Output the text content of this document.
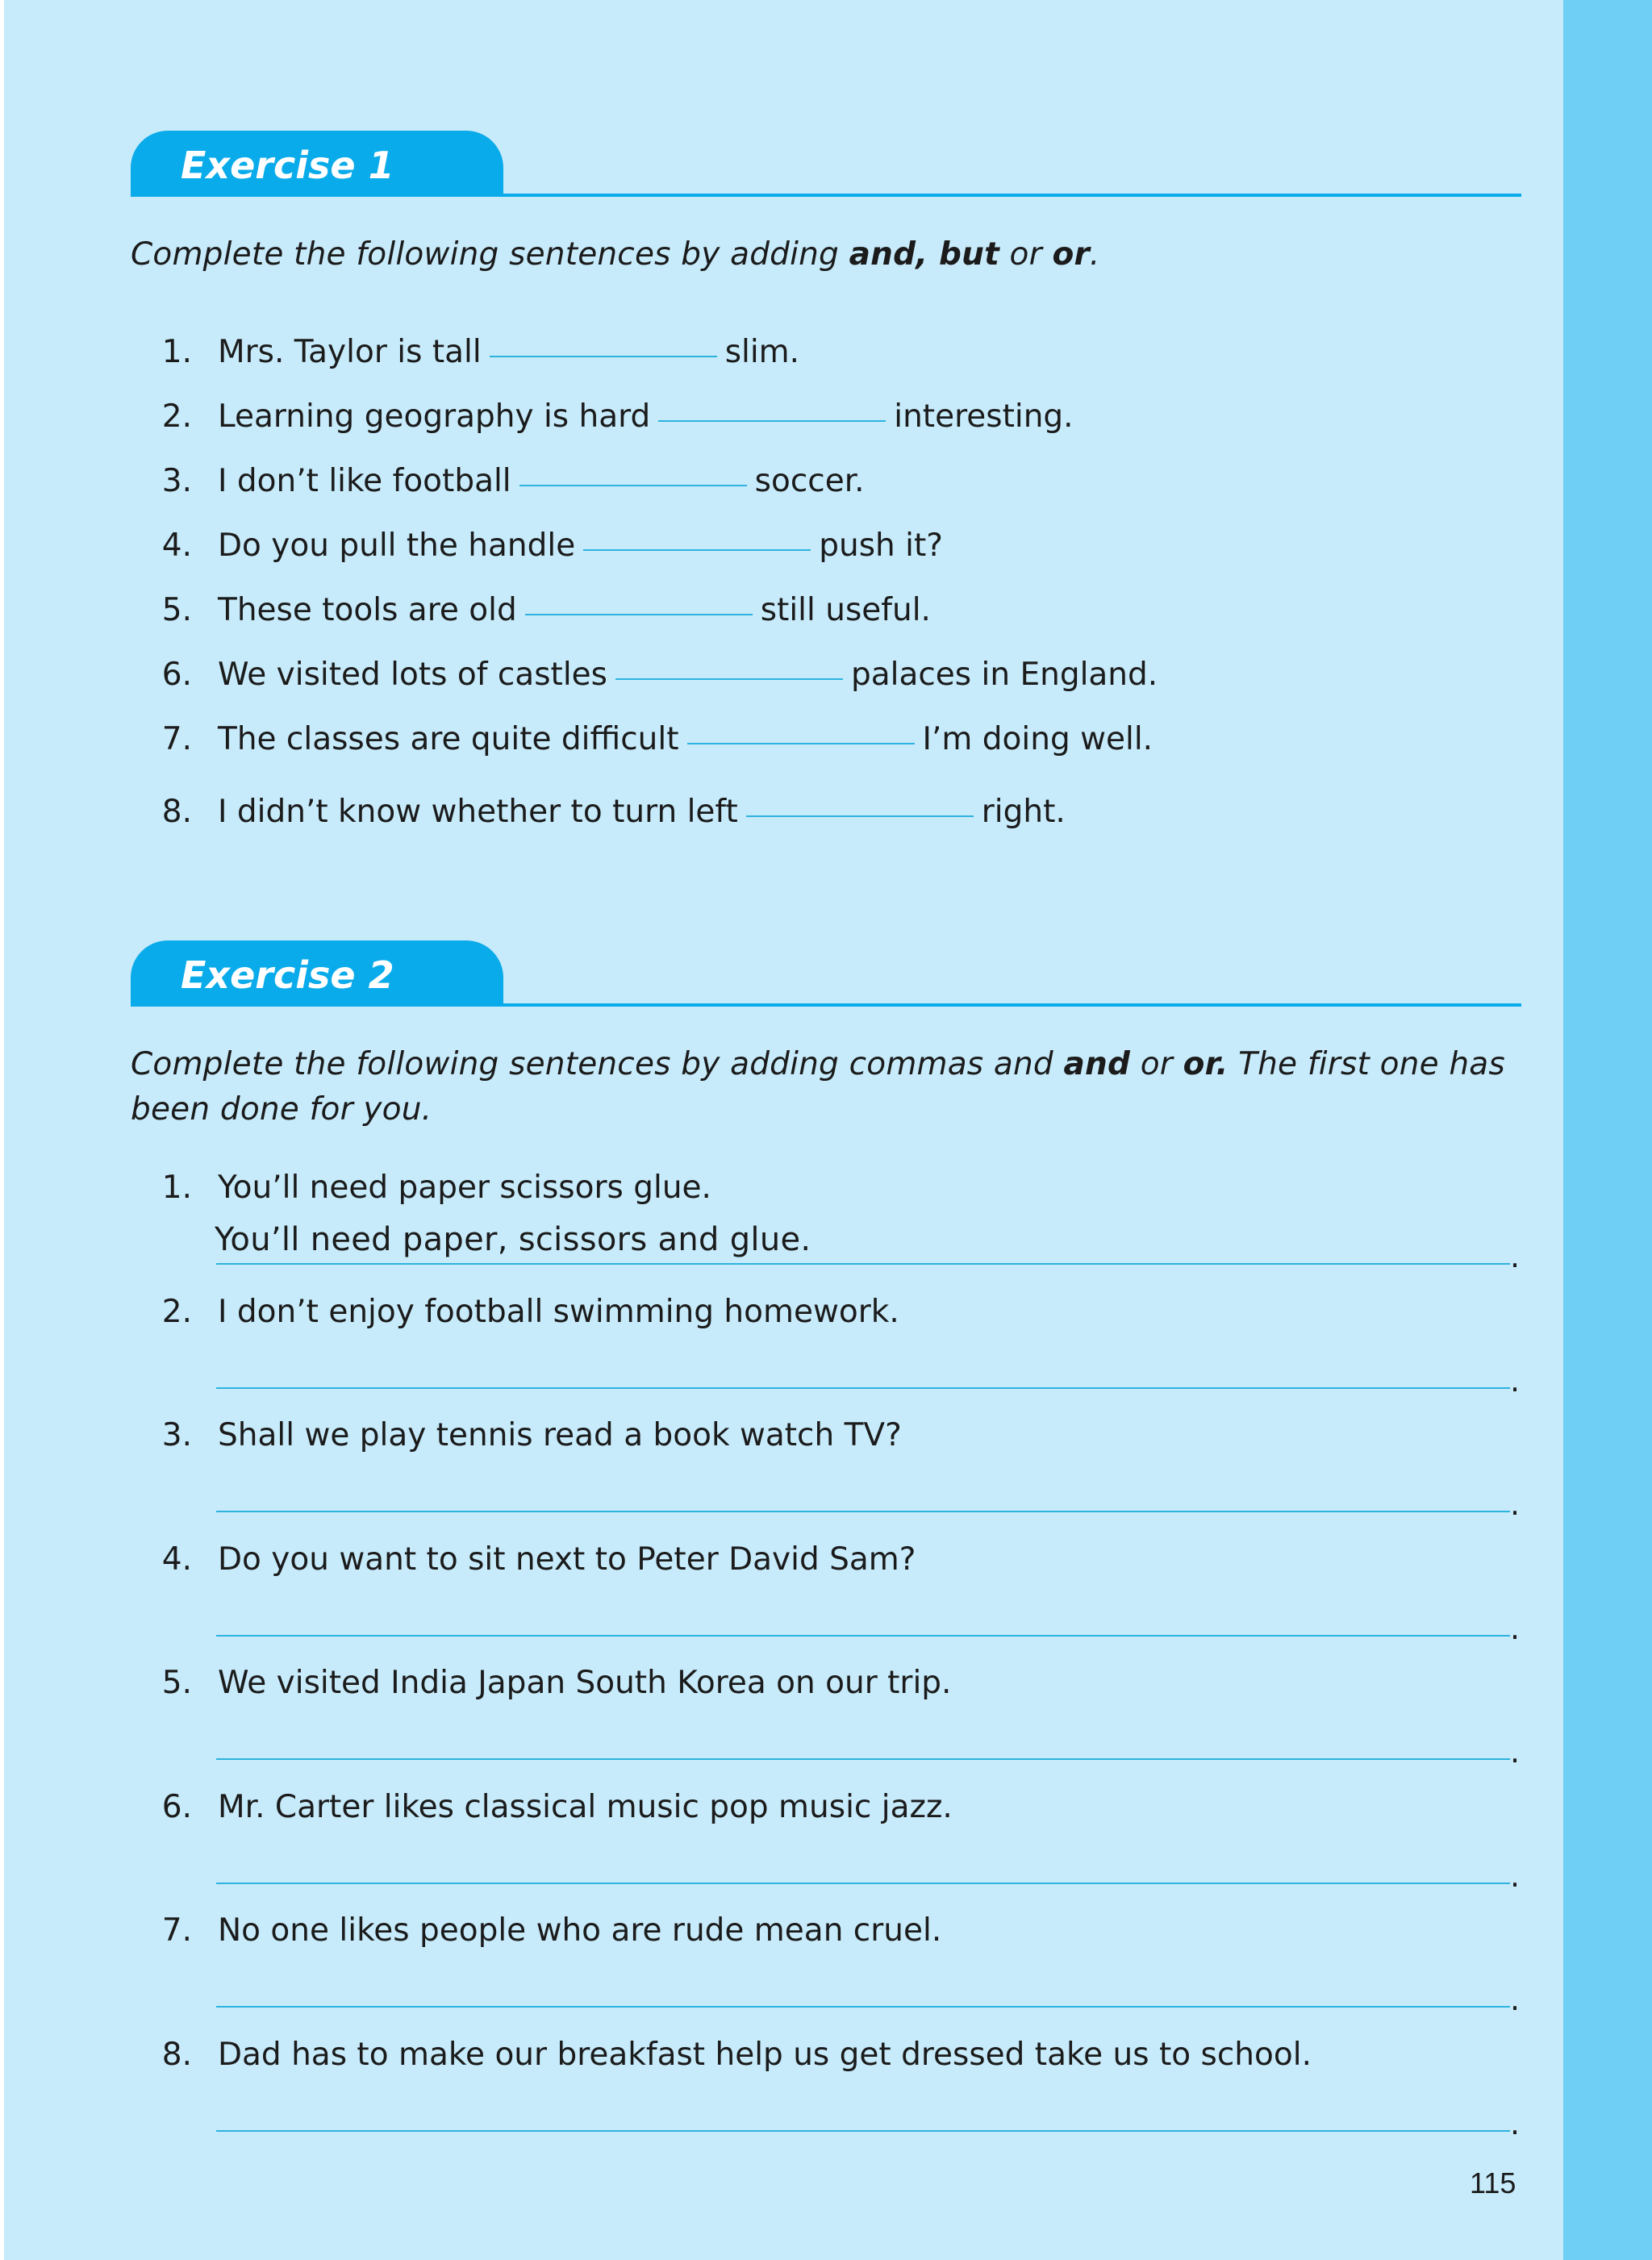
Exercise 1
Complete the following sentences by adding and, but or or.
1. Mrs. Taylor is tall	slim.
2. Learning geography is hard	interesting.
3. I don’t like football	soccer.
4. Do you pull the handle	push it?
5. These tools are old	still useful.
6. We visited lots of castles	palaces in England.
7. The classes are quite difficult	I’m doing well.
8. I didn’t know whether to turn left	right.
Exercise 2
Complete the following sentences by adding commas and and or or. The first one has been done for you.
1. You’ll need paper scissors glue.
.
You’ll need paper, scissors and glue.
2. I don’t enjoy football swimming homework.
.
3. Shall we play tennis read a book watch TV?
.
4. Do you want to sit next to Peter David Sam?
.
5. We visited India Japan South Korea on our trip.
.
6. Mr. Carter likes classical music pop music jazz.
.
7. No one likes people who are rude mean cruel.
.
8. Dad has to make our breakfast help us get dressed take us to school.
.
115
